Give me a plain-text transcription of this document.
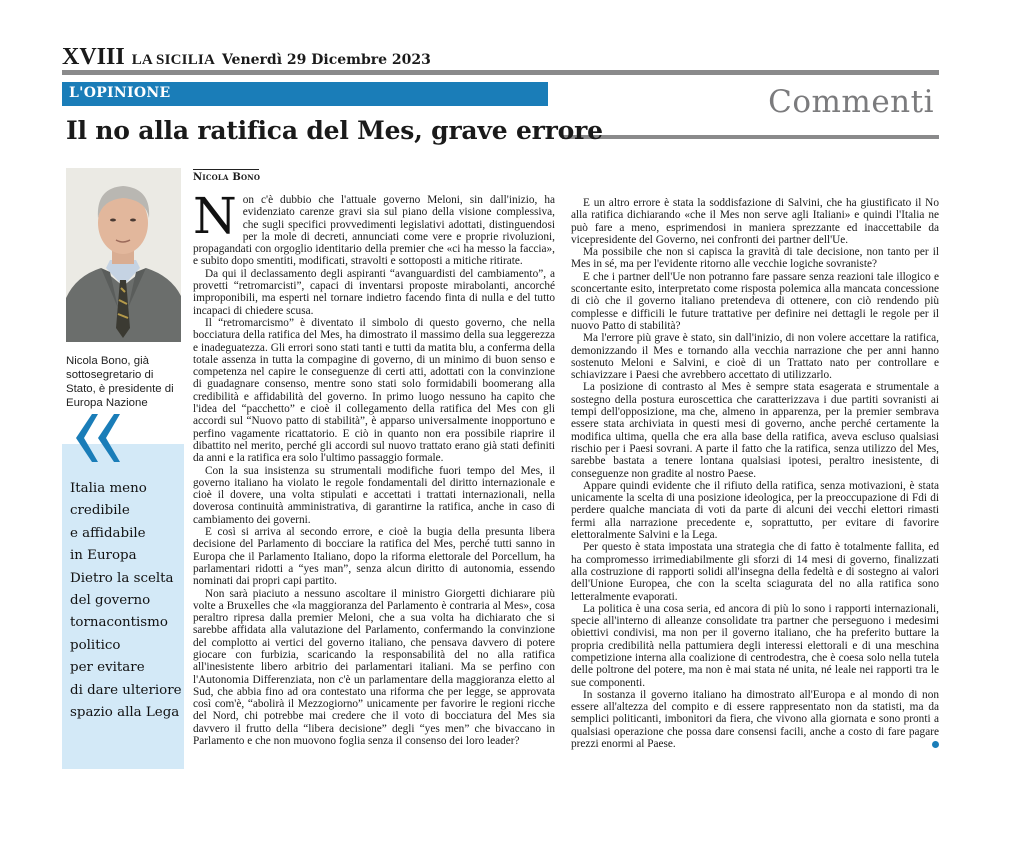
XVIII LA SICILIA Venerdì 29 Dicembre 2023
L'OPINIONE	Commenti
Il no alla ratifica del Mes, grave errore
Nicola Bono, già sottosegretario di Stato, è presidente di Europa Nazione
Italia meno
credibile
e affidabile
in Europa
Dietro la scelta
del governo
tornacontismo
politico
per evitare
di dare ulteriore
spazio alla Lega
Nicola Bono

Non c'è dubbio che l'attuale governo Meloni, sin dall'inizio, ha evidenziato carenze gravi sia sul piano della visione complessiva, che sugli specifici provvedimenti legislativi adottati, distinguendosi per la mole di decreti, annunciati come vere e proprie rivoluzioni, propagandati con orgoglio identitario della premier che «ci ha messo la faccia», e subito dopo smentiti, modificati, stravolti e sottoposti a mitiche ritirate.

Da qui il declassamento degli aspiranti “avanguardisti del cambiamento”, a provetti “retromarcisti”, capaci di inventarsi proposte mirabolanti, ancorché improponibili, ma esperti nel tornare indietro facendo finta di nulla e del tutto incapaci di chiedere scusa.

Il “retromarcismo” è diventato il simbolo di questo governo, che nella bocciatura della ratifica del Mes, ha dimostrato il massimo della sua leggerezza e inadeguatezza. Gli errori sono stati tanti e tutti da matita blu, a conferma della totale assenza in tutta la compagine di governo, di un minimo di buon senso e competenza nel capire le conseguenze di certi atti, adottati con la convinzione di guadagnare consenso, mentre sono stati solo formidabili boomerang alla credibilità e affidabilità del governo. In primo luogo nessuno ha capito che l'idea del “pacchetto” e cioè il collegamento della ratifica del Mes con gli accordi sul “Nuovo patto di stabilità”, è apparso universalmente inopportuno e perfino vagamente ricattatorio. E ciò in quanto non era possibile riaprire il dibattito nel merito, perché gli accordi sul nuovo trattato erano già stati definiti da anni e la ratifica era solo l'ultimo passaggio formale.

Con la sua insistenza su strumentali modifiche fuori tempo del Mes, il governo italiano ha violato le regole fondamentali del diritto internazionale e cioè il dovere, una volta stipulati e accettati i trattati internazionali, nella doverosa continuità amministrativa, di garantirne la ratifica, anche in caso di cambiamento dei governi.

E così si arriva al secondo errore, e cioè la bugia della presunta libera decisione del Parlamento di bocciare la ratifica del Mes, perché tutti sanno in Europa che il Parlamento Italiano, dopo la riforma elettorale del Porcellum, ha parlamentari ridotti a “yes man”, senza alcun diritto di autonomia, essendo nominati dai propri capi partito.

Non sarà piaciuto a nessuno ascoltare il ministro Giorgetti dichiarare più volte a Bruxelles che «la maggioranza del Parlamento è contraria al Mes», cosa peraltro ripresa dalla premier Meloni, che a sua volta ha dichiarato che si sarebbe affidata alla valutazione del Parlamento, confermando la convinzione del complotto ai vertici del governo italiano, che pensava davvero di potere giocare con furbizia, scaricando la responsabilità del no alla ratifica all'inesistente libero arbitrio dei parlamentari italiani. Ma se perfino con l'Autonomia Differenziata, non c'è un parlamentare della maggioranza eletto al Sud, che abbia fino ad ora contestato una riforma che per legge, se approvata così com'è, “abolirà il Mezzogiorno” unicamente per favorire le regioni ricche del Nord, chi potrebbe mai credere che il voto di bocciatura del Mes sia davvero il frutto della “libera decisione” degli “yes men” che bivaccano in Parlamento e che non muovono foglia senza il consenso dei loro leader?

E un altro errore è stata la soddisfazione di Salvini, che ha giustificato il No alla ratifica dichiarando «che il Mes non serve agli Italiani» e quindi l'Italia ne può fare a meno, esprimendosi in maniera sprezzante ed inaccettabile da vicepresidente del Governo, nei confronti dei partner dell'Ue.

Ma possibile che non si capisca la gravità di tale decisione, non tanto per il Mes in sé, ma per l'evidente ritorno alle vecchie logiche sovraniste?

E che i partner dell'Ue non potranno fare passare senza reazioni tale illogico e sconcertante esito, interpretato come risposta polemica alla mancata concessione di ciò che il governo italiano pretendeva di ottenere, con ciò rendendo più complesse e difficili le future trattative per definire nei dettagli le regole per il nuovo Patto di stabilità?

Ma l'errore più grave è stato, sin dall'inizio, di non volere accettare la ratifica, demonizzando il Mes e tornando alla vecchia narrazione che per anni hanno sostenuto Meloni e Salvini, e cioè di un Trattato nato per controllare e schiavizzare i Paesi che avrebbero accettato di utilizzarlo.

La posizione di contrasto al Mes è sempre stata esagerata e strumentale a sostegno della postura euroscettica che caratterizzava i due partiti sovranisti ai tempi dell'opposizione, ma che, almeno in apparenza, per la premier sembrava essere stata archiviata in questi mesi di governo, anche perché certamente la modifica ultima, quella che era alla base della ratifica, aveva escluso qualsiasi rischio per i Paesi sovrani. A parte il fatto che la ratifica, senza utilizzo del Mes, sarebbe bastata a tenere lontana qualsiasi ipotesi, peraltro inesistente, di conseguenze non gradite al nostro Paese.

Appare quindi evidente che il rifiuto della ratifica, senza motivazioni, è stata unicamente la scelta di una posizione ideologica, per la preoccupazione di Fdi di perdere qualche manciata di voti da parte di alcuni dei vecchi elettori rimasti fermi alla narrazione precedente e, soprattutto, per evitare di favorire elettoralmente Salvini e la Lega.

Per questo è stata impostata una strategia che di fatto è totalmente fallita, ed ha compromesso irrimediabilmente gli sforzi di 14 mesi di governo, finalizzati alla costruzione di rapporti solidi all'insegna della fedeltà e di sostegno ai valori dell'Unione Europea, che con la scelta sciagurata del no alla ratifica sono letteralmente evaporati.

La politica è una cosa seria, ed ancora di più lo sono i rapporti internazionali, specie all'interno di alleanze consolidate tra partner che perseguono i medesimi obiettivi condivisi, ma non per il governo italiano, che ha preferito buttare la propria credibilità nella pattumiera degli interessi elettorali e di una meschina competizione interna alla coalizione di centrodestra, che è coesa solo nella tutela delle poltrone del potere, ma non è mai stata né unita, né leale nei rapporti tra le sue componenti.

In sostanza il governo italiano ha dimostrato all'Europa e al mondo di non essere all'altezza del compito e di essere rappresentato non da statisti, ma da semplici politicanti, imbonitori da fiera, che vivono alla giornata e sono pronti a qualsiasi operazione che possa dare consensi facili, anche a costo di fare pagare prezzi enormi al Paese.
